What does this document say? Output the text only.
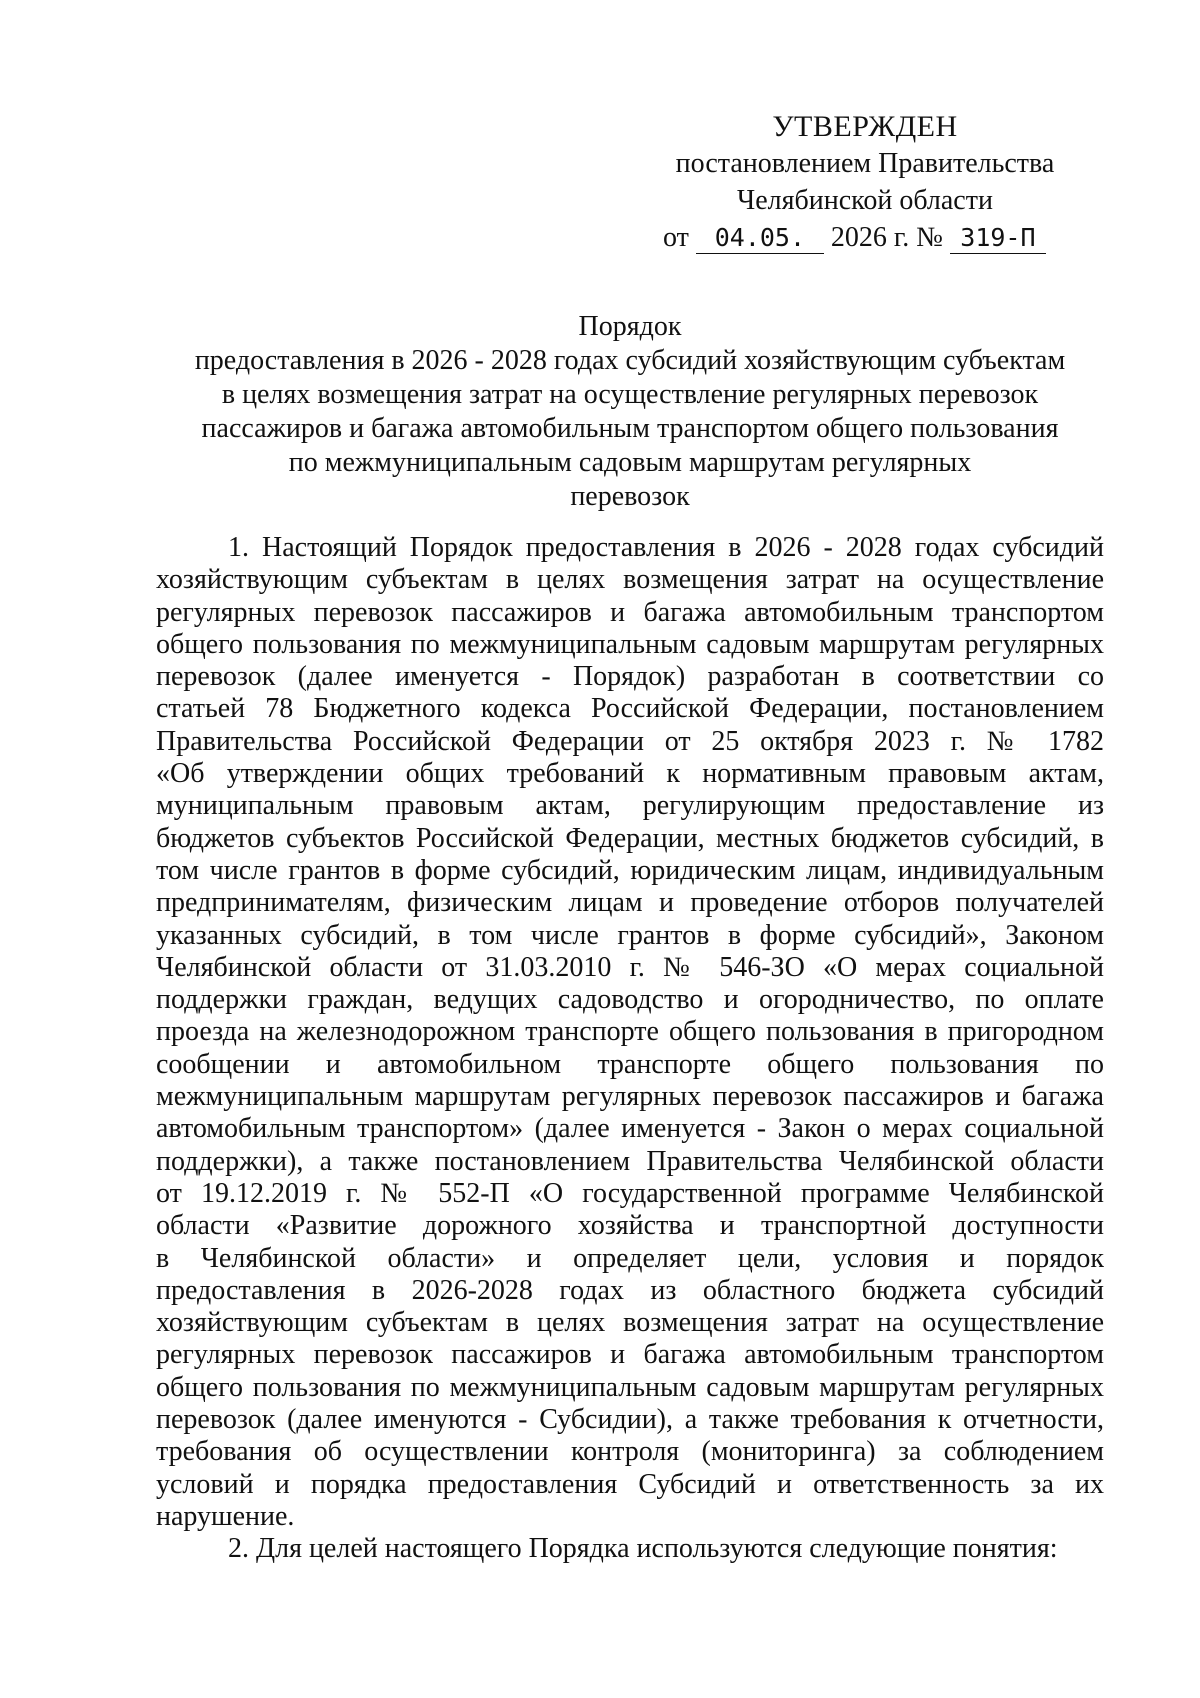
УТВЕРЖДЕН
постановлением Правительства
Челябинской области
от 04.05. 2026 г. № 319-П
Порядок
предоставления в 2026 - 2028 годах субсидий хозяйствующим субъектам
в целях возмещения затрат на осуществление регулярных перевозок
пассажиров и багажа автомобильным транспортом общего пользования
по межмуниципальным садовым маршрутам регулярных
перевозок
1. Настоящий Порядок предоставления в 2026 - 2028 годах субсидий
хозяйствующим субъектам в целях возмещения затрат на осуществление
регулярных перевозок пассажиров и багажа автомобильным транспортом
общего пользования по межмуниципальным садовым маршрутам регулярных
перевозок (далее именуется - Порядок) разработан в соответствии со
статьей 78 Бюджетного кодекса Российской Федерации, постановлением
Правительства Российской Федерации от 25 октября 2023 г. № 1782
«Об утверждении общих требований к нормативным правовым актам,
муниципальным правовым актам, регулирующим предоставление из
бюджетов субъектов Российской Федерации, местных бюджетов субсидий, в
том числе грантов в форме субсидий, юридическим лицам, индивидуальным
предпринимателям, физическим лицам и проведение отборов получателей
указанных субсидий, в том числе грантов в форме субсидий», Законом
Челябинской области от 31.03.2010 г. № 546-ЗО «О мерах социальной
поддержки граждан, ведущих садоводство и огородничество, по оплате
проезда на железнодорожном транспорте общего пользования в пригородном
сообщении и автомобильном транспорте общего пользования по
межмуниципальным маршрутам регулярных перевозок пассажиров и багажа
автомобильным транспортом» (далее именуется - Закон о мерах социальной
поддержки), а также постановлением Правительства Челябинской области
от 19.12.2019 г. № 552-П «О государственной программе Челябинской
области «Развитие дорожного хозяйства и транспортной доступности
в Челябинской области» и определяет цели, условия и порядок
предоставления в 2026-2028 годах из областного бюджета субсидий
хозяйствующим субъектам в целях возмещения затрат на осуществление
регулярных перевозок пассажиров и багажа автомобильным транспортом
общего пользования по межмуниципальным садовым маршрутам регулярных
перевозок (далее именуются - Субсидии), а также требования к отчетности,
требования об осуществлении контроля (мониторинга) за соблюдением
условий и порядка предоставления Субсидий и ответственность за их
нарушение.
2. Для целей настоящего Порядка используются следующие понятия:
